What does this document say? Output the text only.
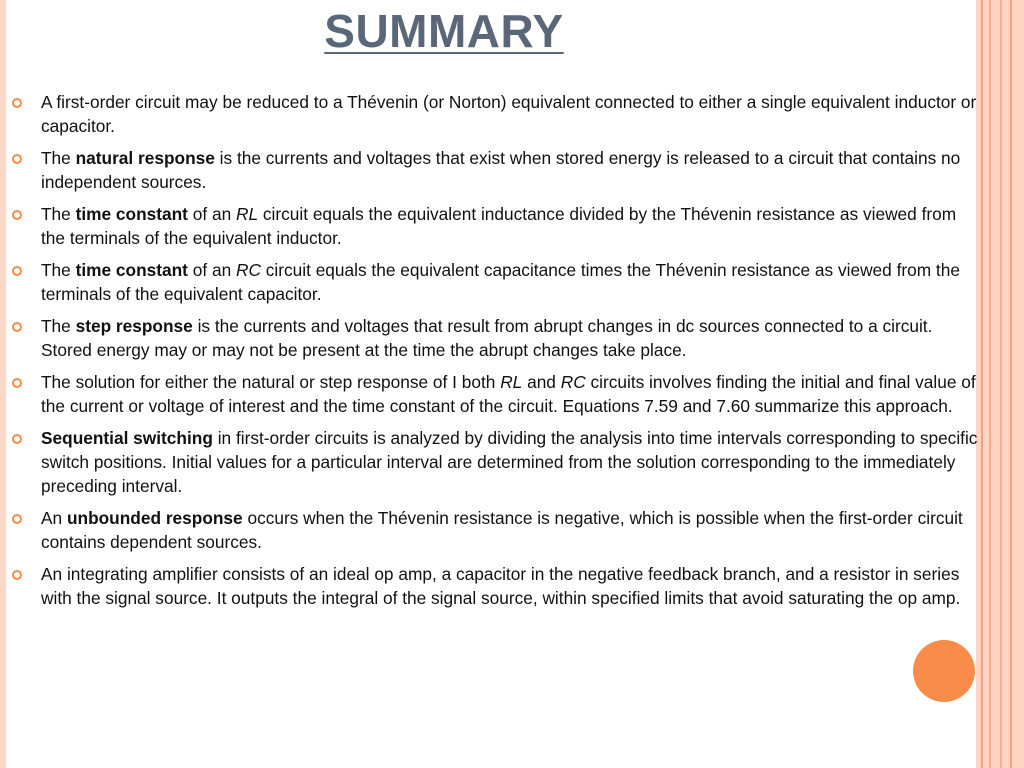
SUMMARY
A first-order circuit may be reduced to a Thévenin (or Norton) equivalent connected to either a single equivalent inductor or capacitor.
The natural response is the currents and voltages that exist when stored energy is released to a circuit that contains no independent sources.
The time constant of an RL circuit equals the equivalent inductance divided by the Thévenin resistance as viewed from the terminals of the equivalent inductor.
The time constant of an RC circuit equals the equivalent capacitance times the Thévenin resistance as viewed from the terminals of the equivalent capacitor.
The step response is the currents and voltages that result from abrupt changes in dc sources connected to a circuit. Stored energy may or may not be present at the time the abrupt changes take place.
The solution for either the natural or step response of I both RL and RC circuits involves finding the initial and final value of the current or voltage of interest and the time constant of the circuit. Equations 7.59 and 7.60 summarize this approach.
Sequential switching in first-order circuits is analyzed by dividing the analysis into time intervals corresponding to specific switch positions. Initial values for a particular interval are determined from the solution corresponding to the immediately preceding interval.
An unbounded response occurs when the Thévenin resistance is negative, which is possible when the first-order circuit contains dependent sources.
An integrating amplifier consists of an ideal op amp, a capacitor in the negative feedback branch, and a resistor in series with the signal source. It outputs the integral of the signal source, within specified limits that avoid saturating the op amp.
